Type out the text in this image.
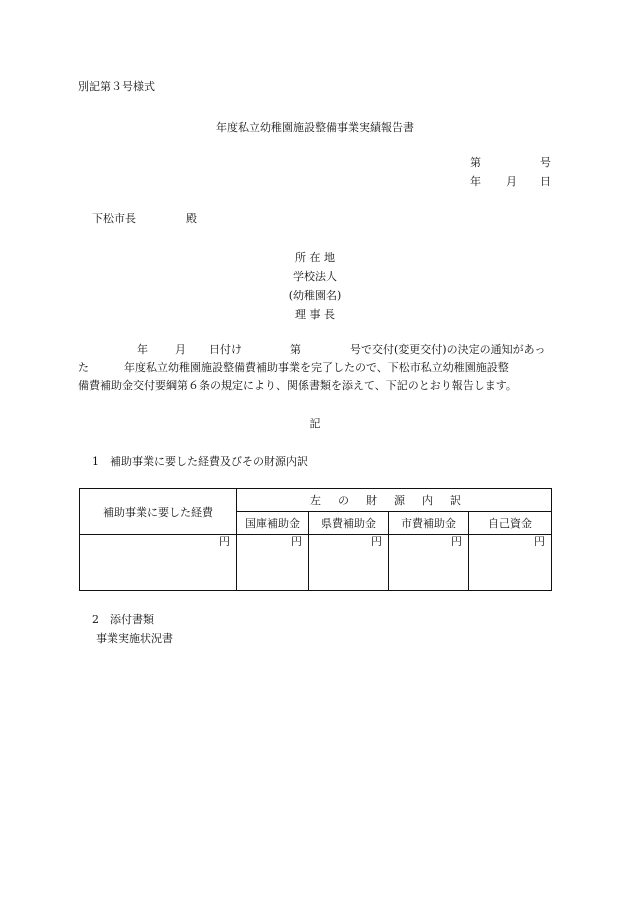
別記第３号様式
年度私立幼稚園施設整備事業実績報告書
第	号
年 月 日
下松市長	殿
所 在 地
学校法人
(幼稚園名)
理 事 長
年 月 日付け	第	号で交付(変更交付)の決定の通知があっ
た	年度私立幼稚園施設整備費補助事業を完了したので、下松市私立幼稚園施設整
備費補助金交付要綱第６条の規定により、関係書類を添えて、下記のとおり報告します。
記
1　補助事業に要した経費及びその財源内訳
補助事業に要した経費	左の財源内訳			
	国庫補助金	県費補助金	市費補助金	自己資金
円	円	円	円	円
2　添付書類
事業実施状況書
